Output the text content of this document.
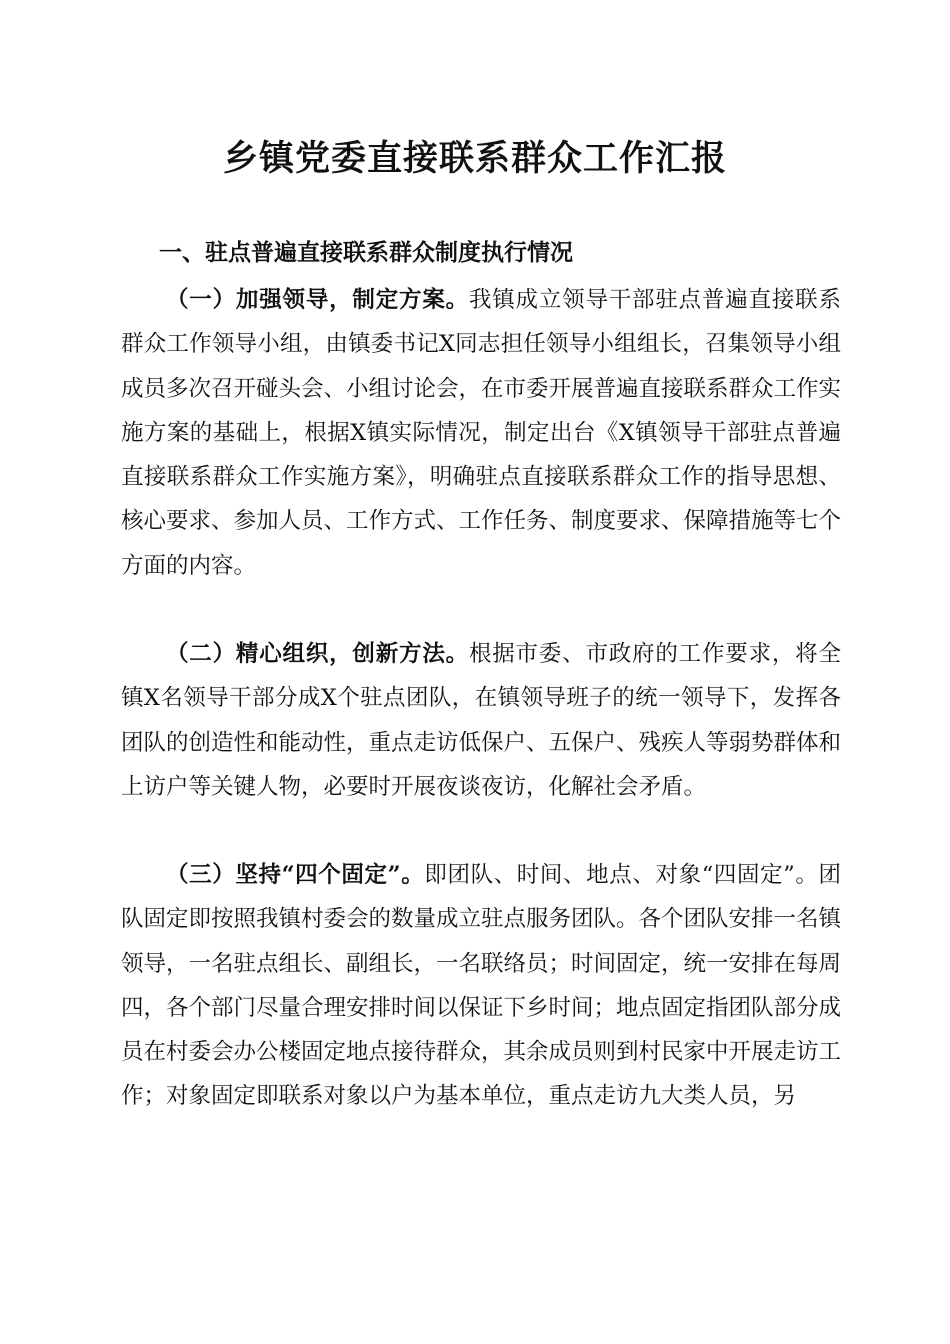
乡镇党委直接联系群众工作汇报
一、驻点普遍直接联系群众制度执行情况

（一）加强领导，制定方案。我镇成立领导干部驻点普遍直接联系群众工作领导小组，由镇委书记X同志担任领导小组组长，召集领导小组成员多次召开碰头会、小组讨论会，在市委开展普遍直接联系群众工作实施方案的基础上，根据X镇实际情况，制定出台《X镇领导干部驻点普遍直接联系群众工作实施方案》，明确驻点直接联系群众工作的指导思想、核心要求、参加人员、工作方式、工作任务、制度要求、保障措施等七个方面的内容。

（二）精心组织，创新方法。根据市委、市政府的工作要求，将全镇X名领导干部分成X个驻点团队，在镇领导班子的统一领导下，发挥各团队的创造性和能动性，重点走访低保户、五保户、残疾人等弱势群体和上访户等关键人物，必要时开展夜谈夜访，化解社会矛盾。

（三）坚持“四个固定”。即团队、时间、地点、对象“四固定”。团队固定即按照我镇村委会的数量成立驻点服务团队。各个团队安排一名镇领导，一名驻点组长、副组长，一名联络员；时间固定，统一安排在每周四，各个部门尽量合理安排时间以保证下乡时间；地点固定指团队部分成员在村委会办公楼固定地点接待群众，其余成员则到村民家中开展走访工作；对象固定即联系对象以户为基本单位，重点走访九大类人员，另
